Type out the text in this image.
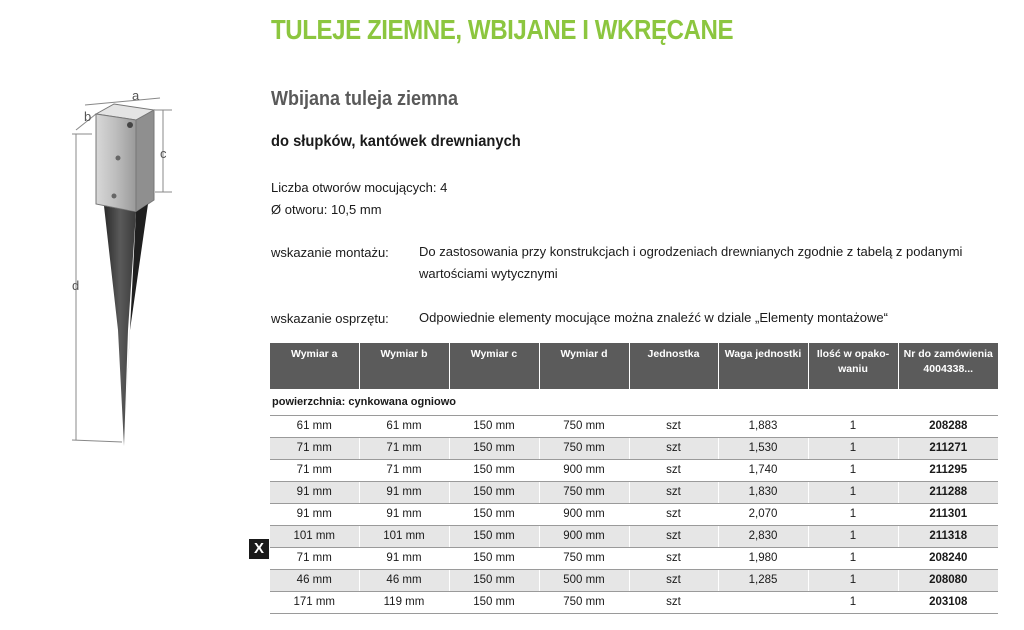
a
b
c
d
TULEJE ZIEMNE, WBIJANE I WKRĘCANE
Wbijana tuleja ziemna
do słupków, kantówek drewnianych
Liczba otworów mocujących: 4
Ø otworu: 10,5 mm
wskazanie montażu: Do zastosowania przy konstrukcjach i ogrodzeniach drewnianych zgodnie z tabelą z podanymi wartościami wytycznymi
wskazanie osprzętu: Odpowiednie elementy mocujące można znaleźć w dziale „Elementy montażowe“
Wymiar a	Wymiar b	Wymiar c	Wymiar d	Jednostka	Waga jednostki	Ilość w opako-waniu	Nr do zamówienia 4004338...
powierzchnia: cynkowana ogniowo							
61 mm	61 mm	150 mm	750 mm	szt	1,883	1	208288
71 mm	71 mm	150 mm	750 mm	szt	1,530	1	211271
71 mm	71 mm	150 mm	900 mm	szt	1,740	1	211295
91 mm	91 mm	150 mm	750 mm	szt	1,830	1	211288
91 mm	91 mm	150 mm	900 mm	szt	2,070	1	211301
101 mm	101 mm	150 mm	900 mm	szt	2,830	1	211318
71 mm	91 mm	150 mm	750 mm	szt	1,980	1	208240
46 mm	46 mm	150 mm	500 mm	szt	1,285	1	208080
171 mm	119 mm	150 mm	750 mm	szt		1	203108
X
